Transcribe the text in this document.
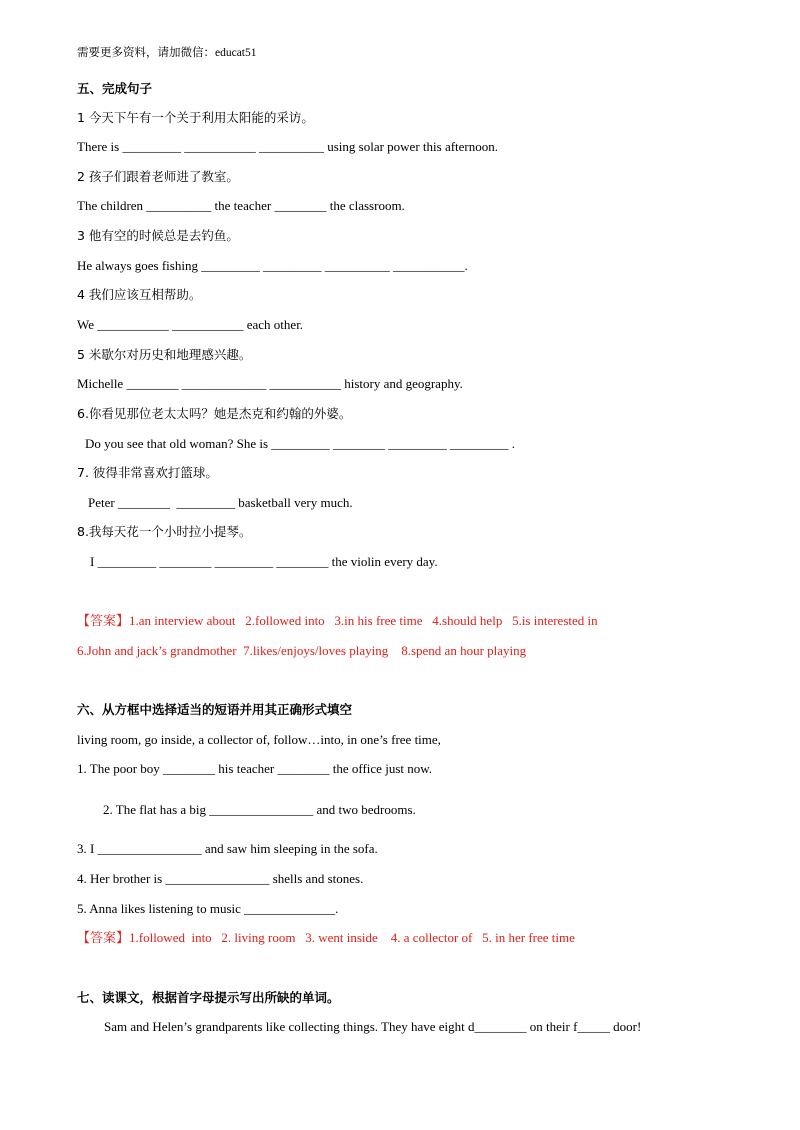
需要更多资料，请加微信：educat51
五、完成句子
1 今天下午有一个关于利用太阳能的采访。
There is _________ ___________ __________ using solar power this afternoon.
2 孩子们跟着老师进了教室。
The children __________ the teacher ________ the classroom.
3 他有空的时候总是去钓鱼。
He always goes fishing _________ _________ __________ ___________.
4 我们应该互相帮助。
We ___________ ___________ each other.
5 米歇尔对历史和地理感兴趣。
Michelle ________ _____________ ___________ history and geography.
6.你看见那位老太太吗？她是杰克和约翰的外婆。
Do you see that old woman? She is _________ ________ _________ _________ .
7. 彼得非常喜欢打篮球。
Peter ________  _________ basketball very much.
8.我每天花一个小时拉小提琴。
I _________ ________ _________ ________ the violin every day.
【答案】1.an interview about   2.followed into   3.in his free time   4.should help   5.is interested in
6.John and jack’s grandmother  7.likes/enjoys/loves playing    8.spend an hour playing
六、从方框中选择适当的短语并用其正确形式填空
living room, go inside, a collector of, follow…into, in one’s free time,
1. The poor boy ________ his teacher ________ the office just now.
2. The flat has a big ________________ and two bedrooms.
3. I ________________ and saw him sleeping in the sofa.
4. Her brother is ________________ shells and stones.
5. Anna likes listening to music ______________.
【答案】1.followed  into   2. living room   3. went inside    4. a collector of   5. in her free time
七、读课文，根据首字母提示写出所缺的单词。
Sam and Helen’s grandparents like collecting things. They have eight d________ on their f_____ door!
